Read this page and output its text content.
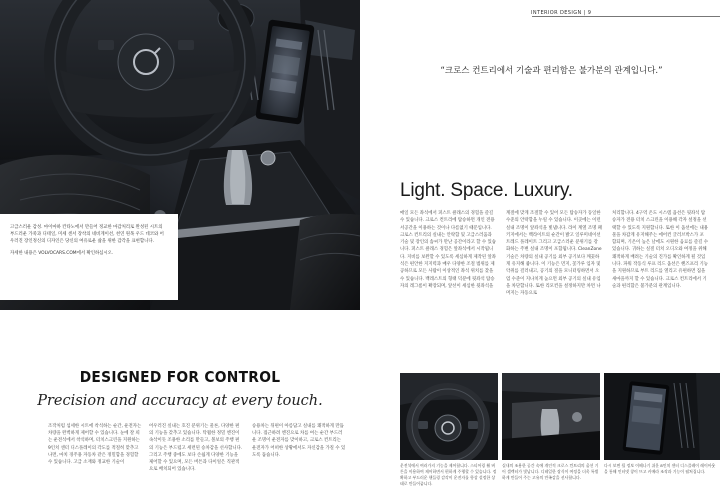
고급스러운 감성. 마이마하 칸타노에서 만들어 정교한 마감처리로 완성된 시트의 부드러운 가죽과 디테일, 미세 센서 장착의 네비게이션, 천연 원목 우드 데코와 어우러진 장인정신의 디자인은 당신의 여유로운 삶을 위한 감각을 표현합니다.

자세한 내용은 VOLVOCARS.COM에서 확인하십시오.

DESIGNED FOR CONTROL
Precision and accuracy at every touch.
조작처럼 섬세한 시트에 착석하는 순간, 운전자는 차량을 완벽하게 제어할 수 있습니다. 눈에 잘 띄는 운전석에서 착석하며, 터치스크린을 지원하는 9인치 센터 디스플레이의 각도를 적절히 맞추고 나면, 마치 경주용 자동차 같은 정밀함을 경험할 수 있습니다. 고급 소재와 정교한 기술이
어우러진 실내는 호진 분위기는 물론, 다양한 편의 기능을 갖추고 있습니다. 탁월한 정밀 엔진이 속삭이듯 조용한 소리를 만들고, 볼보의 주행 편의 기능은 부드럽고 세련된 승차감을 선사합니다. 그리고 주행 중에도 보다 손쉽게 다양한 기능을 제어할 수 있으며, 모든 버튼과 다이얼은 직관적으로 배치되어 있습니다.
승용차는 뒤편이 아름답고 실내를 쾌적하게 만듭니다. 접근하려 엔진으로 차를 여는 순간 부드러운 조명이 운전자를 맞이하고, 크로스 컨트리는 운전자가 어떠한 상황에서도 자신감을 가질 수 있도록 돕습니다.
INTERIOR DESIGN | 9
“크로스 컨트리에서 기술과 편리함은 불가분의 관계입니다.”
Light. Space. Luxury.
매일 모든 좌석에서 퍼스트 클래스의 경험을 즐길 수 있습니다. 크로스 컨트리에 탑승하면 개인 전용 서공간을 이용하는 것이나 다름없기 때문입니다. 크로스 컨트리의 실내는 안락함 및 고급스러움과 기술 및 장인의 솜씨가 만난 공간이라고 할 수 있습니다. 퍼스트 클래스 경험은 앞좌석에서 시작됩니다. 지비를 보완할 수 있도록 세심하게 제작된 앞좌석은 편안한 지지력과 매우 다양한 조절 범위를 제공하므로 모든 사람이 이상적인 좌석 위치를 찾을 수 있습니다. 백레스트의 형태 덕분에 뒷좌석 탑승자의 레그룸이 확장되며, 앞선이 세심한 뒷좌석을
계절에 맞게 조절할 수 있어 모든 탑승자가 동일한 수준의 안락함을 누릴 수 있습니다. 이곳에는 이런 실내 조명이 앞좌석을 빛냅니다. 라이 계열 조명 패키지에서는 백라이트의 순간이 밝고 일루미네이션 트레드 플레이트 그리고 고급스러운 분위기를 강화하는 주변 실내 조명이 포함됩니다. CleanZone 기술은 차량의 실내 공기를 외부 공기보다 깨끗하게 유지해 줍니다. 이 기능은 먼지, 꽃가루 입자 및 악취를 걸러내고, 공기의 질을 모니터링하면서 오염 수준이 지나치게 높으면 외부 공기의 실내 유입을 차단합니다. 또한 리모컨을 설정하지만 차면 나머지는 자동으로
처리합니다. 4구역 온도 시스템 옵션은 뒷좌석 탑승자가 전용 터치 스크린을 이용해 각자 설정을 선택할 수 있도록 지원합니다. 또한 이 옵션에는 내용물을 차갑게 유지해주는 에어컨 글러브박스가 포함되며, 기온이 높은 날에도 시원한 음료를 즐길 수 있습니다. 귀하는 실질 터치 오디오와 여정을 위해 쾌적하게 배려는 기술의 진가를 확인하게 될 것입니다. 파워 작동식 루프 리드 옵션은 핸즈프리 기능을 지원하므로 부트 리드를 열리고 유편하면 집을 새마을까지 할 수 있습니다. 크로스 컨트리에서 기술과 편리함은 불가분의 관계입니다.
운전석에서 여러가지 기능을 제어합니다. 스티어링 휠 버튼을 이용하여 제어하면서 편하게 주행할 수 있습니다. 정확하고 부드러운 핸들링 감각이 운전자를 항상 설정한 상태로 만들어줍니다.
실내의 조용한 공간 속에 개인적 크로스 컨트리의 옵션 기어 셀렉터가 빛납니다. 디테일한 장식이 여정을 더욱 특별하게 만들어 주는 고유의 만족감을 선사합니다.
다시 보면 될 정보 이해나기 쉬운 8인치 센터 디스플레이 레이아웃을 통해 인터넷 창이 뜨고 카메라 조작과 기능이 펼쳐집니다.
